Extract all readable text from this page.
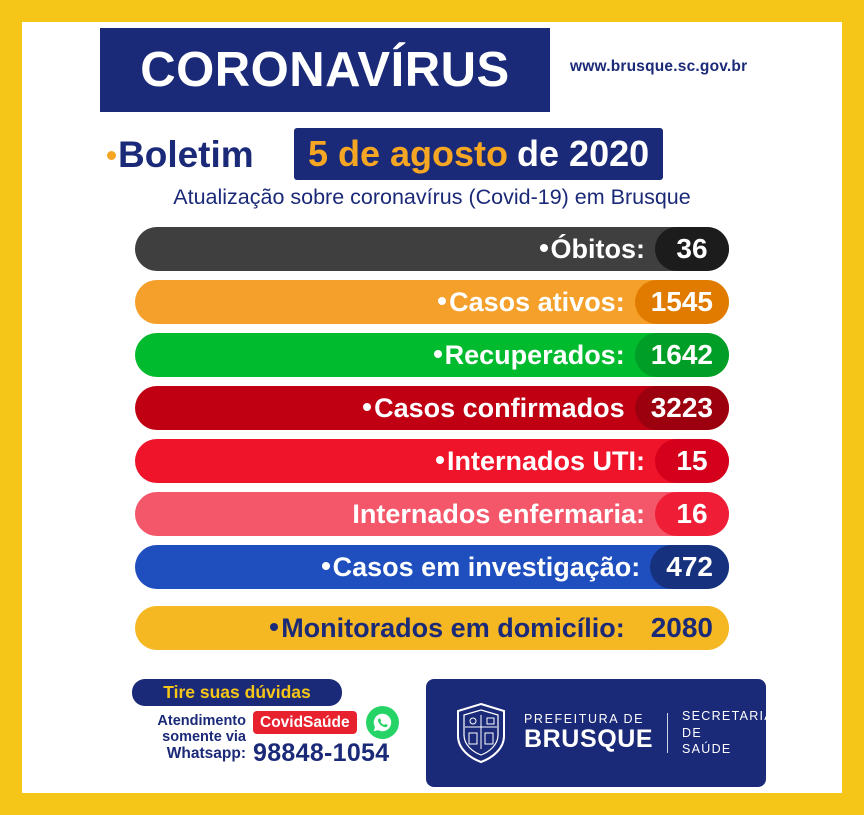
CORONAVÍRUS	www.brusque.sc.gov.br
Boletim 5 de agosto de 2020
Atualização sobre coronavírus (Covid-19) em Brusque
Óbitos:	36
Casos ativos: 1545
Recuperados: 1642
Casos confirmados 3223
Internados UTI:	15
Internados enfermaria:	16
Casos em investigação: 472
Monitorados em domicílio: 2080
Tire suas dúvidas
Atendimento
somente via
Whatsapp:
CovidSaúde
98848-1054
PREFEITURA DE
BRUSQUE
SECRETARIA DE
SAÚDE
